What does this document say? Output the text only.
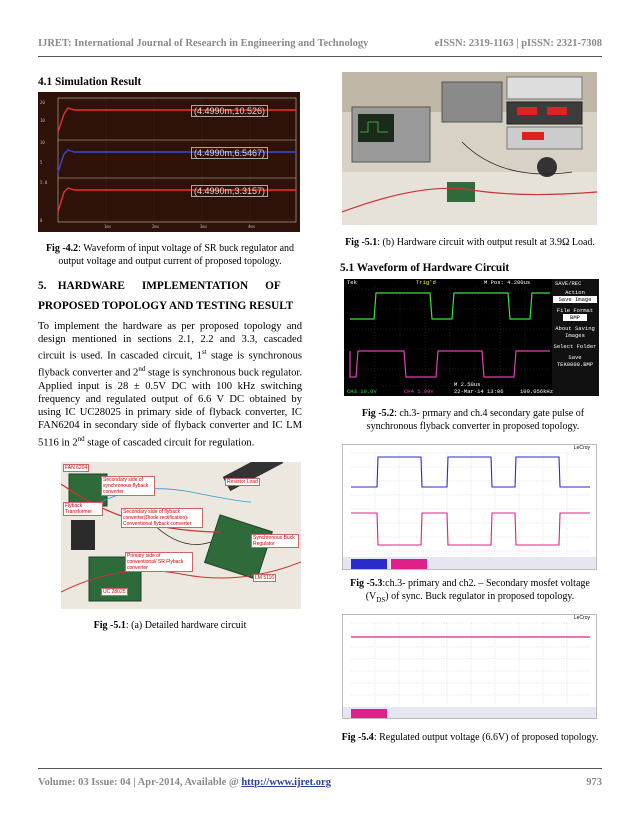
IJRET: International Journal of Research in Engineering and Technology	eISSN: 2319-1163 | pISSN: 2321-7308
4.1 Simulation Result
20
10
10
5
5.0
0
1ms	2ms	3ms	4ms
(4.4990m,10.526)
(4.4990m,6.5467)
(4.4990m,3.3157)

Fig -4.2: Waveform of input voltage of SR buck regulator and output voltage and output current of proposed topology.

5.    HARDWARE      IMPLEMENTATION      OF
PROPOSED TOPOLOGY AND TESTING RESULT

To implement the hardware as per proposed topology and design mentioned in sections 2.1, 2.2 and 3.3, cascaded circuit is used. In cascaded circuit, 1st stage is synchronous flyback converter and 2nd stage is synchronous buck regulator. Applied input is 28 ± 0.5V DC with 100 kHz switching frequency and regulated output of 6.6 V DC obtained by using IC UC28025 in primary side of flyback converter, IC FAN6204 in secondary side of flyback converter and IC LM 5116 in 2nd stage of cascaded circuit for regulation.

FAN 6204
Secondary side of synchronous flyback converter
Flyback Transformer	Secondary side of flyback converter(Diode rectification)-Conventional flyback converter
Resistor Load
Synchronous Buck Regulator
Primary side of conventional/ SR Flyback converter
LM 5116
UC 28025

Fig -5.1: (a) Detailed hardware circuit

Fig -5.1: (b) Hardware circuit with output result at 3.9Ω Load.

5.1 Waveform of Hardware Circuit
Tek	Trig'd	M Pos: 4.200us	SAVE/REC
Action
Save Image
File Format
BMP
About Saving Images
Select Folder
Save TEK0000.BMP
CH3 10.0V	CH4 5.00V
M 2.50us
22-Mar-14 13:06	100.056kHz

Fig -5.2: ch.3- prmary and ch.4 secondary gate pulse of synchronous flyback converter in proposed topology.

LeCroy

Fig -5.3:ch.3- primary and ch2. – Secondary mosfet voltage $(V_{DS})$ of sync. Buck regulator in proposed topology.

LeCroy

Fig -5.4: Regulated output voltage (6.6V) of proposed topology.

Volume: 03 Issue: 04 | Apr-2014, Available @ http://www.ijret.org	973
